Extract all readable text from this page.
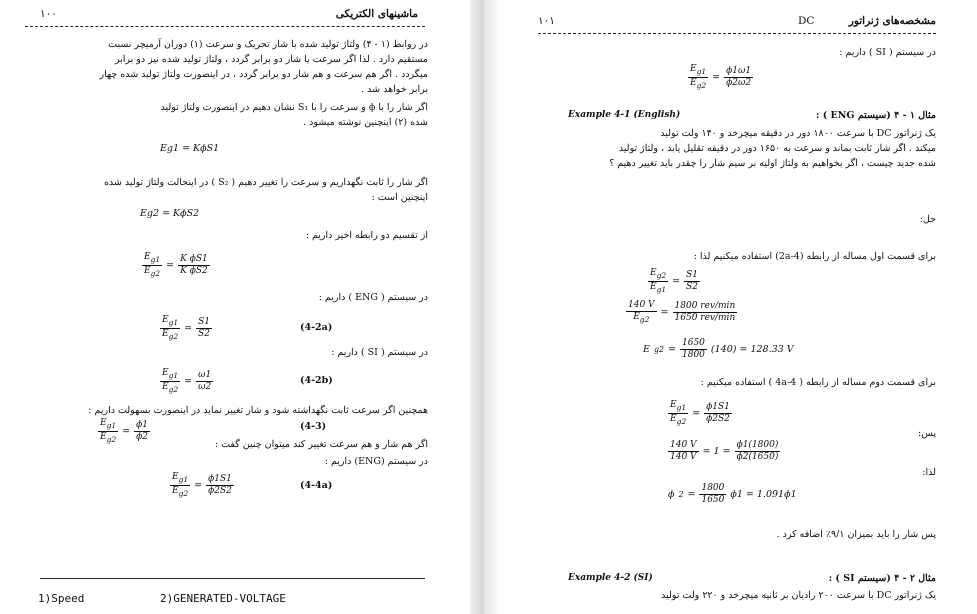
۱۰۰	ماشینهای الکتریکی
در روابط (۱ - ۴) ولتاژ تولید شده با شار تحریک و سرعت (۱) دوران آرمیچر نسبت
مستقیم دارد . لذا اگر سرعت یا شار دو برابر گردد ، ولتاژ تولید شده نیز دو برابر
میگردد . اگر هم سرعت و هم شار دو برابر گردد ، در اینصورت ولتاژ تولید شده چهار
برابر خواهد شد .
اگر شار را با ϕ و سرعت را با S₁ نشان دهیم در اینصورت ولتاژ تولید
شده (۲) اینچنین نوشته میشود .
Eg1 = KϕS1
اگر شار را ثابت نگهداریم و سرعت را تغییر دهیم ( S₂ ) در اینحالت ولتاژ تولید شده
اینچنین است :
Eg2 = KϕS2
از تقسیم دو رابطه اخیر داریم :
$\frac{E_{g1}}{E_{g2}} = \frac{\text{K ϕS1}}{\text{K ϕS2}}$
در سیستم ( ENG ) داریم :
$\frac{E_{g1}}{E_{g2}} = \frac{S1}{S2}$	(4-2a)
در سیستم ( SI ) داریم :
$\frac{E_{g1}}{E_{g2}} = \frac{\omega 1}{\omega 2}$	(4-2b)
همچنین اگر سرعت ثابت نگهداشته شود و شار تغییر نماید در اینصورت بسهولت داریم :
$\frac{E_{g1}}{E_{g2}} = \frac{\phi 1}{\phi 2}$	(4-3)
اگر هم شار و هم سرعت تغییر کند میتوان چنین گفت :
در سیستم (ENG) داریم :
$\frac{E_{g1}}{E_{g2}} = \frac{\phi 1S1}{\phi 2S2}$	(4-4a)
1)Speed	2)GENERATED-VOLTAGE
۱۰۱	DC	مشخصه‌های ژنراتور
در سیستم ( SI ) داریم :
$\frac{E_{g1}}{E_{g2}} = \frac{\phi 1\omega 1}{\phi 2\omega 2}$
Example 4-1 (English)	مثال ۱ - ۴ (سیستم ENG ) :
یک ژنراتور DC با سرعت ۱۸۰۰ دور در دقیقه میچرخد و ۱۴۰ ولت تولید
میکند . اگر شار ثابت بماند و سرعت به ۱۶۵۰ دور در دقیقه تقلیل یابد ، ولتاژ تولید
شده جدید چیست ، اگر بخواهیم به ولتاژ اولیه بر سیم شار را چقدر باید تغییر دهیم ؟
حل:
برای قسمت اول مساله از رابطه (4-2a) استفاده میکنیم لذا :
$\frac{E_{g2}}{E_{g1}} = \frac{S1}{S2}$
$\frac{140 V}{E_{g2}} = \frac{\text{1800 rev/min}}{\text{1650 rev/min}}$
E $g2 = \frac{1650}{1800} (140) = 128.33$ V
برای قسمت دوم مساله از رابطه ( 4-4a ) استفاده میکنیم :
$\frac{E_{g1}}{E_{g2}} = \frac{\phi 1S1}{\phi 2S2}$
پس:
$\frac{140 V}{140 V} = 1 = \frac{\phi 1(1800)}{\phi 2(1650)}$
لذا:
ϕ $2 = \frac{1800}{1650} \phi 1 = 1.091\phi 1$
پس شار را باید بمیزان ۹/۱٪ اضافه کرد .
Example 4-2 (SI)	مثال ۲ - ۴ (سیستم SI ) :
یک ژنراتور DC با سرعت ۲۰۰ رادیان بر ثانیه میچرخد و ۲۲۰ ولت تولید
